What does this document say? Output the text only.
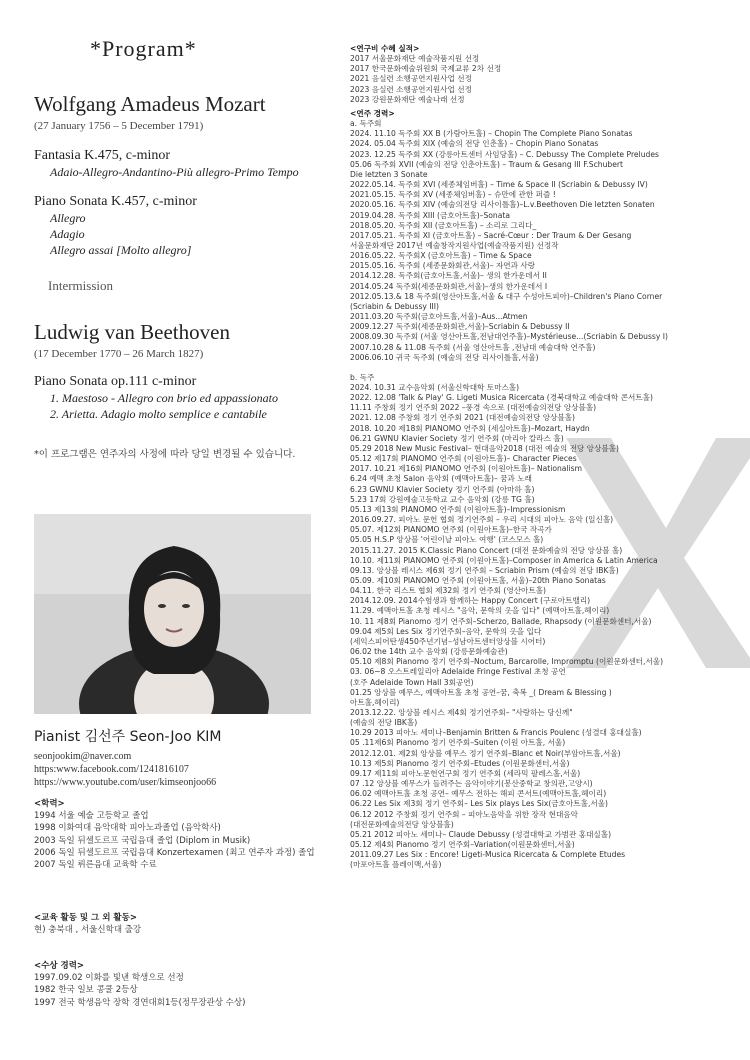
*Program*

Wolfgang Amadeus Mozart

(27 January 1756 – 5 December 1791)

Fantasia K.475, c-minor

Adaio-Allegro-Andantino-Più allegro-Primo Tempo

Piano Sonata K.457, c-minor

Allegro

Adagio

Allegro assai [Molto allegro]

Intermission

Ludwig van Beethoven

(17 December 1770 – 26 March 1827)

Piano Sonata op.111 c-minor

1. Maestoso - Allegro con brio ed appassionato

2. Arietta. Adagio molto semplice e cantabile

*이 프로그램은 연주자의 사정에 따라 당일 변경될 수 있습니다.
Pianist 김선주 Seon-Joo KIM
seonjookim@naver.com
https:www.facebook.com/1241816107
https://www.youtube.com/user/kimseonjoo66
<학력>
1994 서울 예술 고등학교 졸업
1998 이화여대 음악대학 피아노과졸업 (음악학사)
2003 독일 뒤셀도르프 국립음대 졸업 (Diplom in Musik)
2006 독일 뒤셀도르프 국립음대 Konzertexamen (최고 연주자 과정) 졸업
2007 독일 뤼른음대 교육학 수료
<교육 활동 및 그 외 활동>
현) 충북대 , 서울신학대 출강
<수상 경력>
1997.09.02 이화를 빛낸 학생으로 선정
1982 한국 일보 콩쿨 2등상
1997 전국 학생음악 장학 경연대회1등(정무장관상 수상)
<연구비 수혜 실적>
2017 서울문화재단 예술작품지원 선정
2017 한국문화예술위원회 국제교류 2차 선정
2021 음실련 소행공연지원사업 선정
2023 음실련 소행공연지원사업 선정
2023 강원문화재단 예술나래 선정
<연주 경력>
a. 독주회
2024. 11.10 독주회 XX B (가람아트홀) – Chopin The Complete Piano Sonatas
2024. 05.04 독주회 XIX (예술의 전당 인춘홀) – Chopin Piano Sonatas
2023. 12.25 독주회 XX (강릉아트센터 사임당홀) – C. Debussy The Complete Preludes
05.06 독주회 XVII (예술의 전당 인춘아트홀) – Traum & Gesang III F.Schubert
Die letzten 3 Sonate
2022.05.14. 독주회 XVI (세종체임버홀) – Time & Space II (Scriabin & Debussy IV)
2021.05.15. 독주회 XV (세종체임버홀) – 슈만에 관한 퍼즐 !
2020.05.16. 독주회 XIV (예술의전당 리사이틀홀)–L.v.Beethoven Die letzten Sonaten
2019.04.28. 독주회 XIII (금호아트홀)–Sonata
2018.05.20. 독주회 XII (금호아트홀) – 소리로 그리다_
2017.05.21. 독주회 XI (금호아트홀) – Sacré-Cœur : Der Traum & Der Gesang
서울문화재단 2017년 예술창작지원사업(예술작품지원) 선정작
2016.05.22. 독주회X (금호아트홀) – Time & Space
2015.05.16. 독주회 (세종문화회관,서울)– 자연과 사랑
2014.12.28. 독주회(금호아트홀,서울)– 생의 한가운데서 II
2014.05.24 독주회(세종문화회관,서울)–생의 한가운데서 I
2012.05.13.& 18 독주회(영산아트홀,서울 & 대구 수성아트피아)–Children's Piano Corner
(Scriabin & Debussy III)
2011.03.20 독주회(금호아트홀,서울)–Aus...Atmen
2009.12.27 독주회(세종문화회관,서울)–Scriabin & Debussy II
2008.09.30 독주회 (서울 영산아트홀,전남대연주홀)–Mystérieuse...(Scriabin & Debussy I)
2007.10.28 & 11.08 독주회 (서울 영산아트홀 ,전남대 예술대학 연주홀)
2006.06.10 귀국 독주회 (예술의 전당 리사이틀홀,서울)
b. 독주
2024. 10.31 교수음악회 (서울신학대학 토마스홀)
2022. 12.08 'Talk & Play' G. Ligeti Musica Ricercata (경북대학교 예술대학 콘서트홀)
11.11 주창회 정기 연주회 2022 –풍경 속으로 (대전예술의전당 앙상블홀)
2021. 12.08 주창회 정기 연주회 2021 (대전예술의전당 앙상블홀)
2018. 10.20 제18회 PIANOMO 연주회 (세실아트홀)–Mozart, Haydn
06.21 GWNU Klavier Society 정기 연주회 (마리아 칼라스 홀)
05.29 2018 New Music Festival– 현대음악2018 (대전 예술의 전당 앙상블홀)
05.12 제17회 PIANOMO 연주회 (이원아트홀)– Character Pieces
2017. 10.21 제16회 PIANOMO 연주회 (이원아트홀)– Nationalism
6.24 예맥 초청 Salon 음악회 (예맥아트홀)– 꿈과 노래
6.23 GWNU Klavier Society 정기 연주회 (아마하 홀)
5.23 17회 강원예술고등학교 교수 음악회 (강릉 TG 홀)
05.13 제13회 PIANOMO 연주회 (이원아트홀)–Impressionism
2016.09.27. 피아노 문헌 협회 정기연주회 – 우리 시대의 피아노 음악 (일신홀)
05.07. 제12회 PIANOMO 연주회 (이원아트홀)–한국 작곡가
05.05 H.S.P 앙상블 '어린이날 피아노 여행' (코스모스 홀)
2015.11.27. 2015 K.Classic Piano Concert (대전 문화예술의 전당 앙상블 홀)
10.10. 제11회 PIANOMO 연주회 (이원아트홀)–Composer in America & Latin America
09.13. 앙상블 레시스 제6회 정기 연주회 – Scriabin Prism (예술의 전당 IBK홀)
05.09. 제10회 PIANOMO 연주회 (이원아트홀, 서울)–20th Piano Sonatas
04.11. 한국 리스트 협회 제32회 정기 연주회 (영산아트홀)
2014.12.09. 2014수험생과 함께하는 Happy Concert (구로아트밸리)
11.29. 예맥아트홀 초청 레시스 "음악, 문학의 옷을 입다" (예맥아트홀,헤이리)
10. 11 제8회 Pianomo 정기 연주회–Scherzo, Ballade, Rhapsody (이원문화센터,서울)
09.04 제5회 Les Six 정기연주회–음악, 문학의 옷을 입다
(세익스피어탄생450주년기념–성남아트센터앙상블 시어터)
06.02 the 14th 교수 음악회 (강릉문화예술관)
05.10 제8회 Pianomo 정기 연주회–Noctum, Barcarolle, Impromptu (이원문화센터,서울)
03. 06~8 오스트레일리아 Adelaide Fringe Festival 초청 공연
(호주 Adelaide Town Hall 3회공연)
01.25 앙상블 예무스, 예맥아트홀 초청 공연–꿈, 축복 _( Dream & Blessing )
아트홀,헤이리)
2013.12.22. 앙상블 레시스 제4회 정기연주회– "사랑하는 당신께"
(예술의 전당 IBK홀)
10.29 2013 피아노 세미나–Benjamin Britten & Francis Poulenc (성결대 홍대실홀)
05 .11제6회 Pianomo 정기 연주회–Suiten (이원 아트홀, 서울)
2012.12.01. 제2회 앙상블 예무스 정기 연주회–Blanc et Noir(부암아트홀,서울)
10.13 제5회 Pianomo 정기 연주회–Etudes (이원문화센터,서울)
09.17 제11회 피아노문헌연구회 정기 연주회 (세라믹 팔레스홀,서울)
07 .12 앙상블 예무스가 들려주는 음악이야기(봉산중학교 창의관,고양시)
06.02 예맥아트홀 초청 공연– 예무스 전하는 해피 콘서트(예맥아트홀,헤이리)
06.22 Les Six 제3회 정기 연주회– Les Six plays Les Six(금호아트홀,서울)
06.12 2012 주창회 정기 연주회 – 피아노음악을 위한 장작 현대음악
(대전문화예술의전당 앙상블홀)
05.21 2012 피아노 세미나– Claude Debussy (성결대학교 가범관 홍대실홀)
05.12 제4회 Pianomo 정기 연주회–Variation(이원문화센터,서울)
2011.09.27 Les Six : Encore! Ligeti-Musica Ricercata & Complete Etudes
(마포아트홀 플레이맥,서울)
